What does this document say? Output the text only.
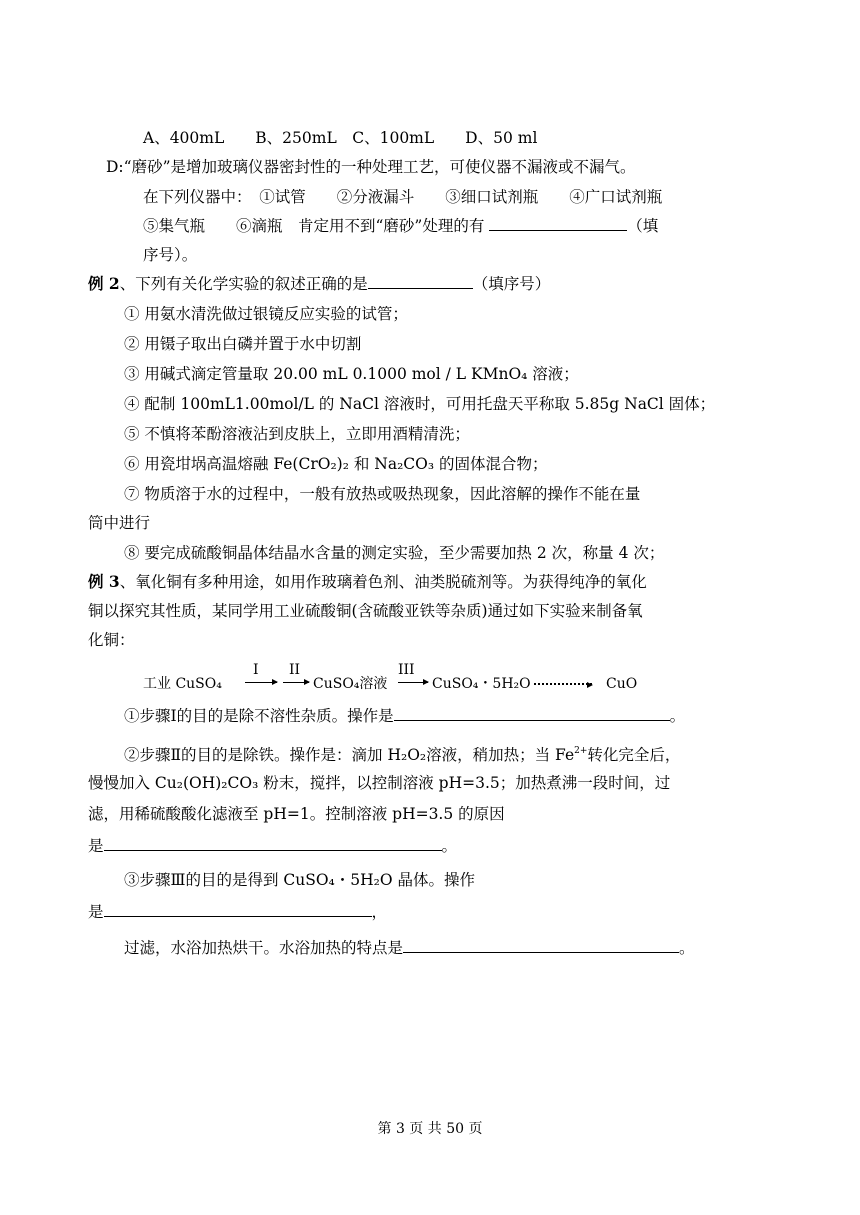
A、400mL　　B、250mL　C、100mL　　D、50 ml
D:“磨砂”是增加玻璃仪器密封性的一种处理工艺，可使仪器不漏液或不漏气。
在下列仪器中：　①试管　　②分液漏斗　　③细口试剂瓶　　④广口试剂瓶
⑤集气瓶　　⑥滴瓶　肯定用不到“磨砂”处理的有	（填
序号）。
例 2、下列有关化学实验的叙述正确的是	（填序号）
① 用氨水清洗做过银镜反应实验的试管；
② 用镊子取出白磷并置于水中切割
③ 用碱式滴定管量取 20.00 mL 0.1000 mol / L KMnO₄ 溶液；
④ 配制 100mL1.00mol/L 的 NaCl 溶液时，可用托盘天平称取 5.85g NaCl 固体；
⑤ 不慎将苯酚溶液沾到皮肤上，立即用酒精清洗；
⑥ 用瓷坩埚高温熔融 Fe(CrO₂)₂ 和 Na₂CO₃ 的固体混合物；
⑦ 物质溶于水的过程中，一般有放热或吸热现象，因此溶解的操作不能在量
筒中进行
⑧ 要完成硫酸铜晶体结晶水含量的测定实验，至少需要加热 2 次，称量 4 次；
例 3、氧化铜有多种用途，如用作玻璃着色剂、油类脱硫剂等。为获得纯净的氧化
铜以探究其性质，某同学用工业硫酸铜(含硫酸亚铁等杂质)通过如下实验来制备氧
化铜：
工业 CuSO₄
I II
CuSO₄溶液
III
CuSO₄・5H₂O	CuO
①步骤Ⅰ的目的是除不溶性杂质。操作是	。
②步骤Ⅱ的目的是除铁。操作是：滴加 H₂O₂溶液，稍加热；当 $Fe^{2+}$转化完全后，
慢慢加入 Cu₂(OH)₂CO₃ 粉末，搅拌，以控制溶液 pH=3.5；加热煮沸一段时间，过
滤，用稀硫酸酸化滤液至 pH=1。控制溶液 pH=3.5 的原因
是	。
③步骤Ⅲ的目的是得到 CuSO₄・5H₂O 晶体。操作
是	，
过滤，水浴加热烘干。水浴加热的特点是	。
第 3 页 共 50 页
